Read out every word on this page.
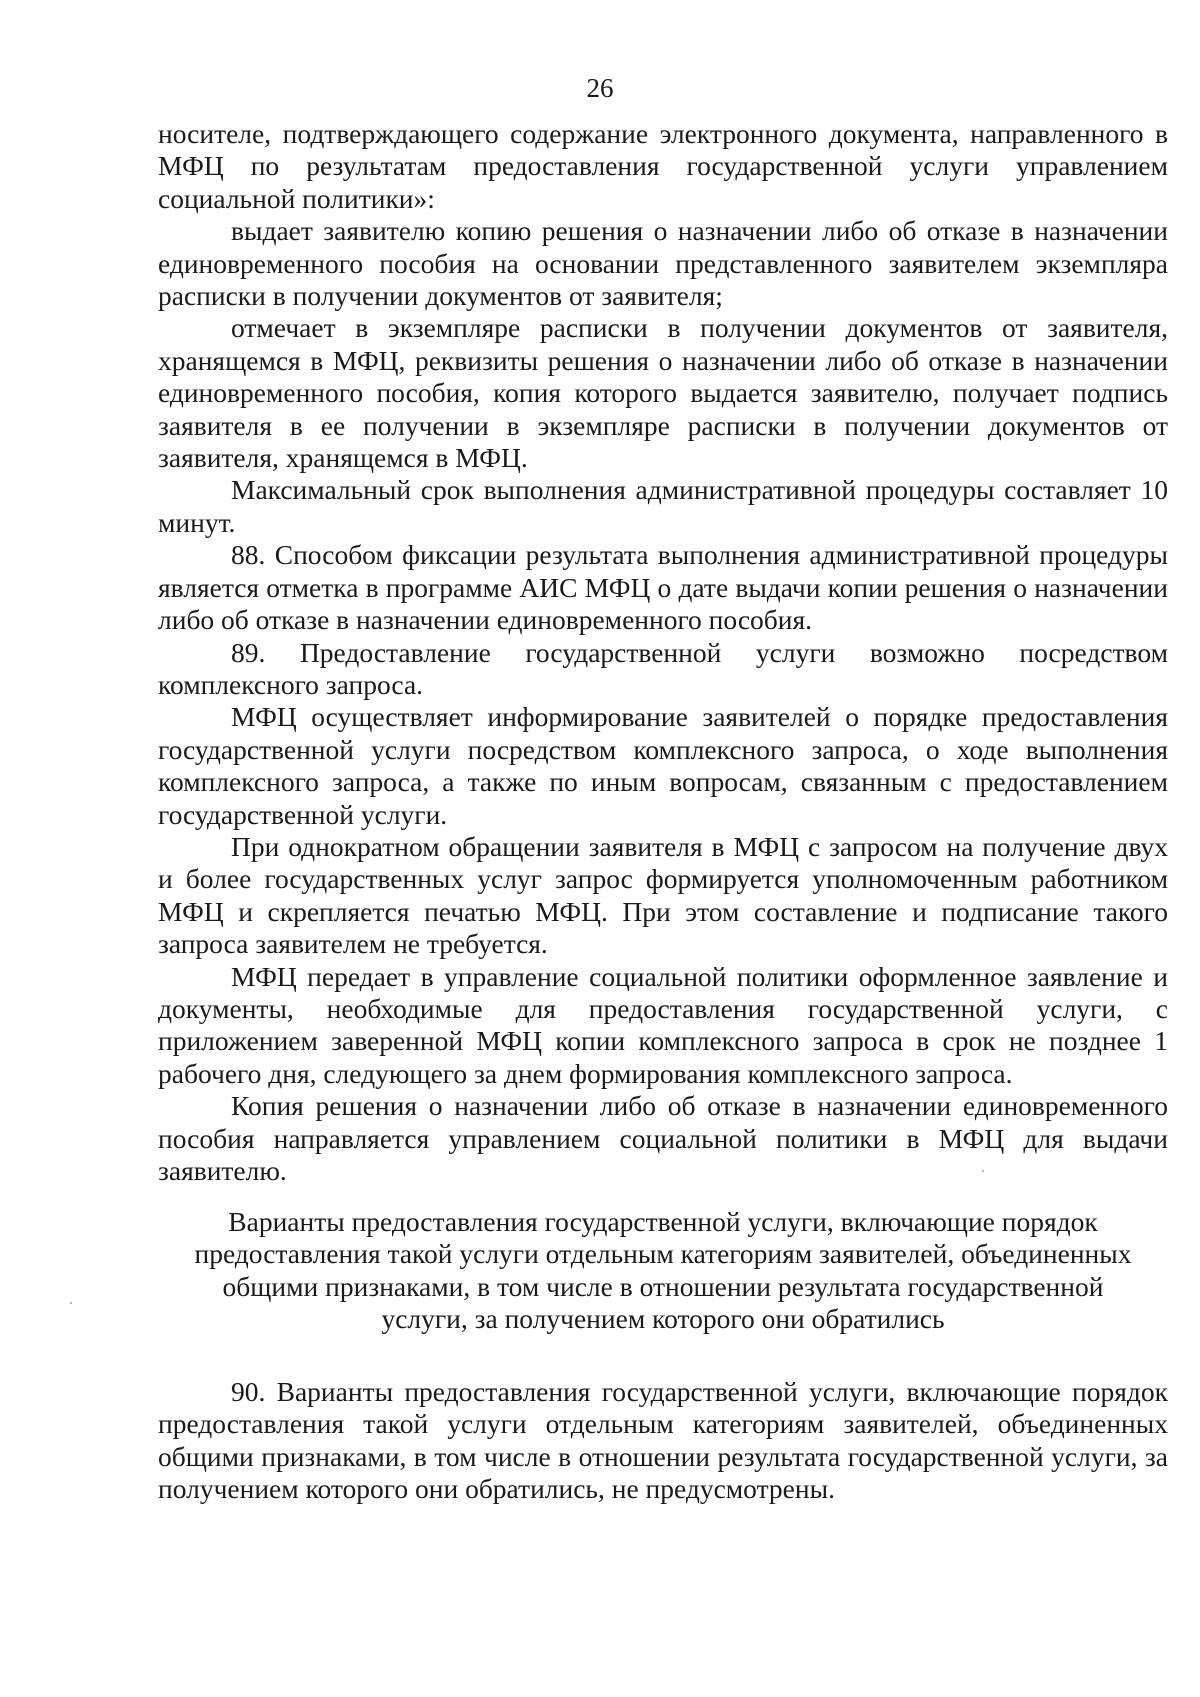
26

носителе, подтверждающего содержание электронного документа, направленного в МФЦ по результатам предоставления государственной услуги управлением социальной политики»:

выдает заявителю копию решения о назначении либо об отказе в назначении единовременного пособия на основании представленного заявителем экземпляра расписки в получении документов от заявителя;

отмечает в экземпляре расписки в получении документов от заявителя, хранящемся в МФЦ, реквизиты решения о назначении либо об отказе в назначении единовременного пособия, копия которого выдается заявителю, получает подпись заявителя в ее получении в экземпляре расписки в получении документов от заявителя, хранящемся в МФЦ.

Максимальный срок выполнения административной процедуры составляет 10 минут.

88. Способом фиксации результата выполнения административной процедуры является отметка в программе АИС МФЦ о дате выдачи копии решения о назначении либо об отказе в назначении единовременного пособия.

89. Предоставление государственной услуги возможно посредством комплексного запроса.

МФЦ осуществляет информирование заявителей о порядке предоставления государственной услуги посредством комплексного запроса, о ходе выполнения комплексного запроса, а также по иным вопросам, связанным с предоставлением государственной услуги.

При однократном обращении заявителя в МФЦ с запросом на получение двух и более государственных услуг запрос формируется уполномоченным работником МФЦ и скрепляется печатью МФЦ. При этом составление и подписание такого запроса заявителем не требуется.

МФЦ передает в управление социальной политики оформленное заявление и документы, необходимые для предоставления государственной услуги, с приложением заверенной МФЦ копии комплексного запроса в срок не позднее 1 рабочего дня, следующего за днем формирования комплексного запроса.

Копия решения о назначении либо об отказе в назначении единовременного пособия направляется управлением социальной политики в МФЦ для выдачи заявителю.

Варианты предоставления государственной услуги, включающие порядок
предоставления такой услуги отдельным категориям заявителей, объединенных
общими признаками, в том числе в отношении результата государственной
услуги, за получением которого они обратились

90. Варианты предоставления государственной услуги, включающие порядок предоставления такой услуги отдельным категориям заявителей, объединенных общими признаками, в том числе в отношении результата государственной услуги, за получением которого они обратились, не предусмотрены.
